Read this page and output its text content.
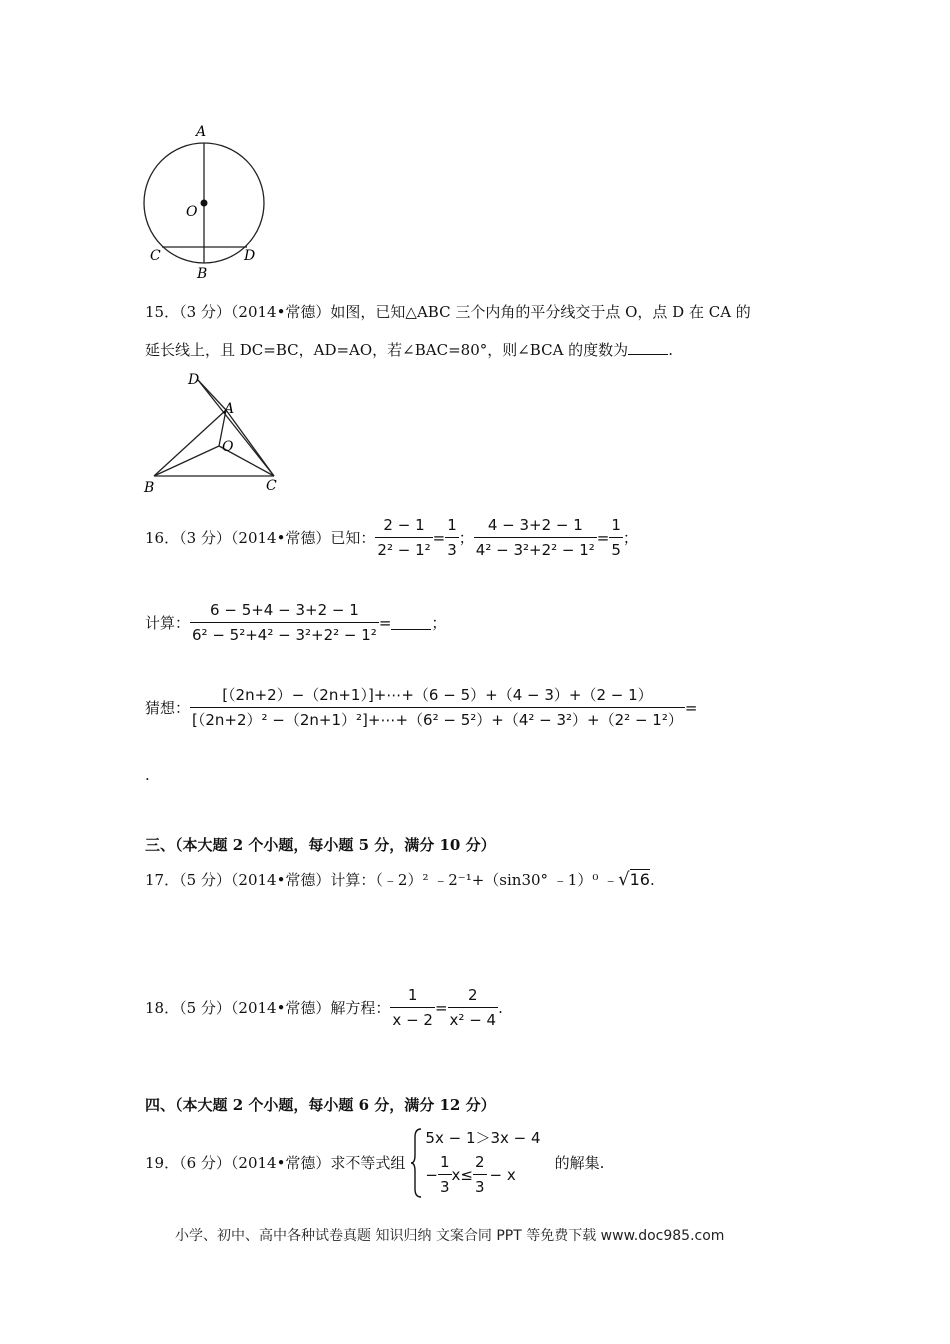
A
O
C
B
D
15．（3 分）（2014•常德）如图，已知△ABC 三个内角的平分线交于点 O，点 D 在 CA 的
延长线上，且 DC=BC，AD=AO，若∠BAC=80°，则∠BCA 的度数为	.
D
A
O
B	C
16．（3 分）（2014•常德）已知： $\frac{2 - 1}{\text{2² − 1²}} = \frac{1}{3}$ ； $\frac{4 - 3+2 - 1}{\text{4² − 3²+2² − 1²}} = \frac{1}{5}$ ；
计算： $\frac{6 - 5+4 - 3+2 - 1}{\text{6² − 5²+4² − 3²+2² − 1²}}$ =	；
猜想： $\frac{[(2n+2)-(2n+1)]+\cdots+(6 - 5)+(4 - 3)+(2 - 1)}{\text{[（2n+2）² −（2n+1）²]+⋯+（6² − 5²）+（4² − 3²）+（2² − 1²）}}$ =
.
三、（本大题 2 个小题，每小题 5 分，满分 10 分）
17．（5 分）（2014•常德）计算：（﹣2）² ﹣2⁻¹+（sin30° ﹣1）⁰ ﹣ √ 16 .
18．（5 分）（2014•常德）解方程： $\frac{1}{x - 2} = \frac{2}{\text{x² − 4}}$ .
四、（本大题 2 个小题，每小题 6 分，满分 12 分）
19．（6 分）（2014•常德）求不等式组
5x − 1＞3x − 4
− $\frac{1}{3} x\le \frac{2}{3} - x$
的解集.
小学、初中、高中各种试卷真题 知识归纳 文案合同 PPT 等免费下载 www.doc985.com
